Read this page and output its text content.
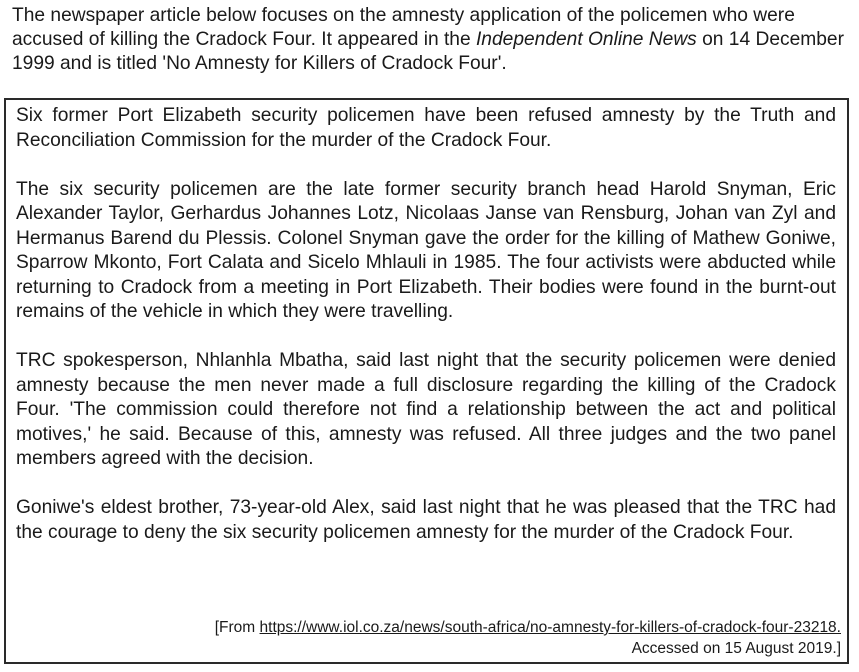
The newspaper article below focuses on the amnesty application of the policemen who were accused of killing the Cradock Four. It appeared in the Independent Online News on 14 December 1999 and is titled 'No Amnesty for Killers of Cradock Four'.

Six former Port Elizabeth security policemen have been refused amnesty by the Truth and Reconciliation Commission for the murder of the Cradock Four.

The six security policemen are the late former security branch head Harold Snyman, Eric Alexander Taylor, Gerhardus Johannes Lotz, Nicolaas Janse van Rensburg, Johan van Zyl and Hermanus Barend du Plessis. Colonel Snyman gave the order for the killing of Mathew Goniwe, Sparrow Mkonto, Fort Calata and Sicelo Mhlauli in 1985. The four activists were abducted while returning to Cradock from a meeting in Port Elizabeth. Their bodies were found in the burnt-out remains of the vehicle in which they were travelling.

TRC spokesperson, Nhlanhla Mbatha, said last night that the security policemen were denied amnesty because the men never made a full disclosure regarding the killing of the Cradock Four. 'The commission could therefore not find a relationship between the act and political motives,' he said. Because of this, amnesty was refused. All three judges and the two panel members agreed with the decision.

Goniwe's eldest brother, 73-year-old Alex, said last night that he was pleased that the TRC had the courage to deny the six security policemen amnesty for the murder of the Cradock Four.

[From https://www.iol.co.za/news/south-africa/no-amnesty-for-killers-of-cradock-four-23218.
Accessed on 15 August 2019.]
